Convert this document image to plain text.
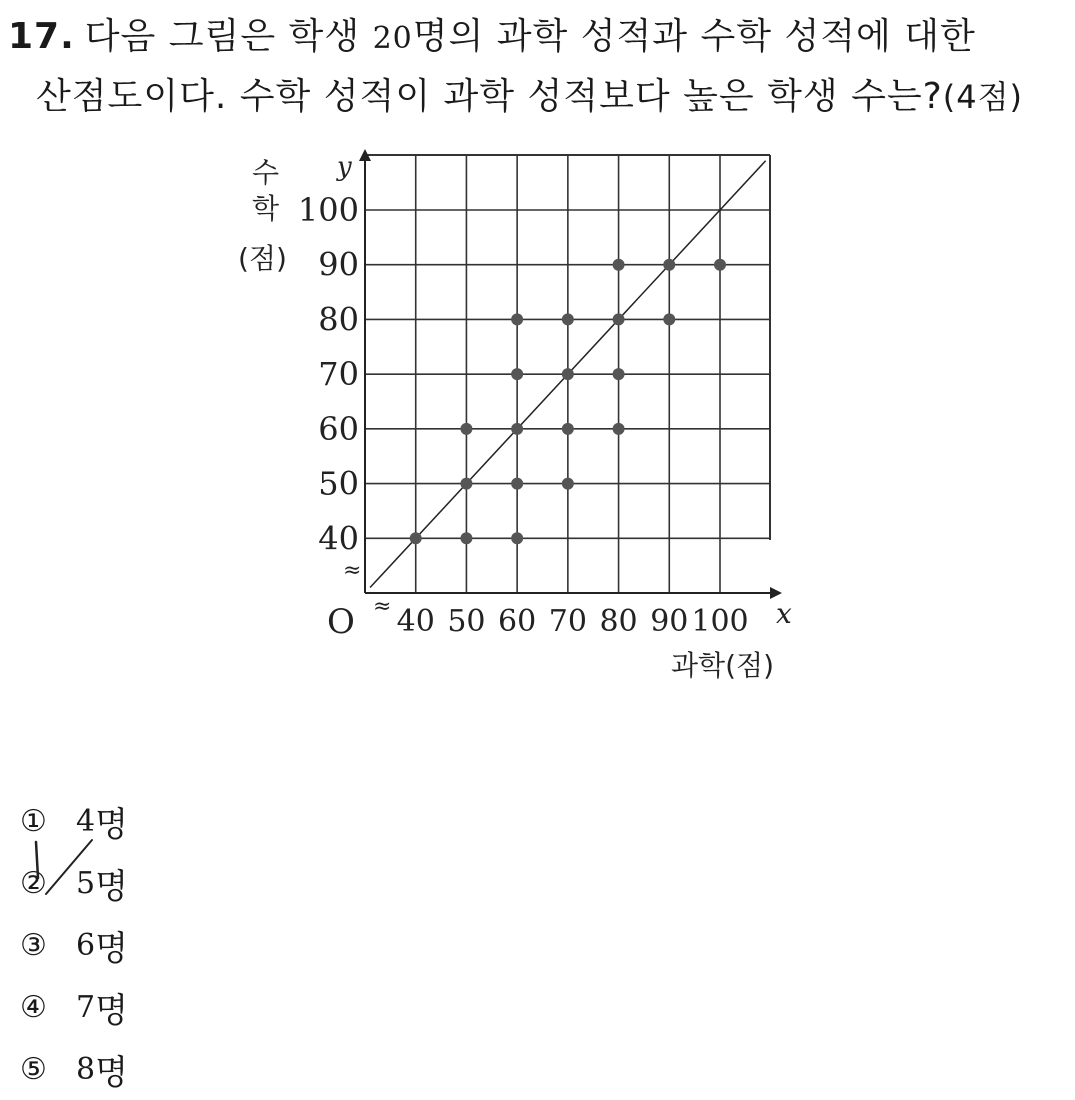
17. 다음 그림은 학생 20명의 과학 성적과 수학 성적에 대한
산점도이다. 수학 성적이 과학 성적보다 높은 학생 수는?(4점)
x
y
O ≈
≈
40 50 60 70 80 90 100
40
50
60
70
80
90
100
수
학
(점)
과학(점)
① 4 명
② 5 명
③ 6 명
④ 7 명
⑤ 8 명
